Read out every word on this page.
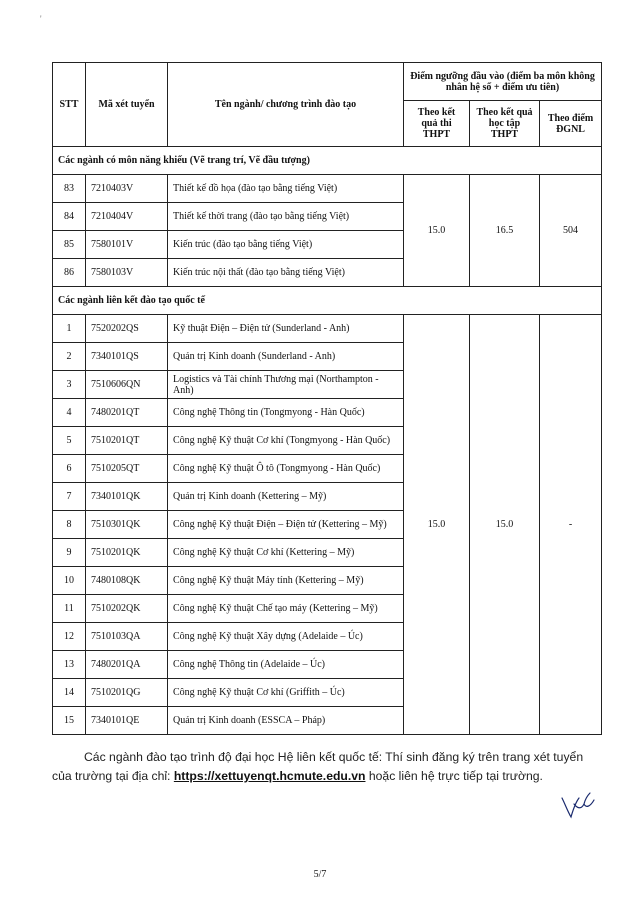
'
STT	Mã xét tuyển	Tên ngành/ chương trình đào tạo	Điểm ngưỡng đầu vào (điểm ba môn không nhân hệ số + điểm ưu tiên)		
			Theo kết quả thi THPT	Theo kết quả học tập THPT	Theo điểm ĐGNL
Các ngành có môn năng khiếu (Vẽ trang trí, Vẽ đầu tượng)					
83	7210403V	Thiết kế đồ họa (đào tạo bằng tiếng Việt)	15.0	16.5	504
84	7210404V	Thiết kế thời trang (đào tạo bằng tiếng Việt)			
85	7580101V	Kiến trúc (đào tạo bằng tiếng Việt)			
86	7580103V	Kiến trúc nội thất (đào tạo bằng tiếng Việt)			
Các ngành liên kết đào tạo quốc tế					
1	7520202QS	Kỹ thuật Điện – Điện tử (Sunderland - Anh)	15.0	15.0	-
2	7340101QS	Quản trị Kinh doanh (Sunderland - Anh)			
3	7510606QN	Logistics và Tài chính Thương mại (Northampton - Anh)			
4	7480201QT	Công nghệ Thông tin (Tongmyong - Hàn Quốc)			
5	7510201QT	Công nghệ Kỹ thuật Cơ khí (Tongmyong - Hàn Quốc)			
6	7510205QT	Công nghệ Kỹ thuật Ô tô (Tongmyong - Hàn Quốc)			
7	7340101QK	Quản trị Kinh doanh (Kettering – Mỹ)			
8	7510301QK	Công nghệ Kỹ thuật Điện – Điện tử (Kettering – Mỹ)			
9	7510201QK	Công nghệ Kỹ thuật Cơ khí (Kettering – Mỹ)			
10	7480108QK	Công nghệ Kỹ thuật Máy tính (Kettering – Mỹ)			
11	7510202QK	Công nghệ Kỹ thuật Chế tạo máy (Kettering – Mỹ)			
12	7510103QA	Công nghệ Kỹ thuật Xây dựng (Adelaide – Úc)			
13	7480201QA	Công nghệ Thông tin (Adelaide – Úc)			
14	7510201QG	Công nghệ Kỹ thuật Cơ khí (Griffith – Úc)			
15	7340101QE	Quản trị Kinh doanh (ESSCA – Pháp)			
Các ngành đào tạo trình độ đại học Hệ liên kết quốc tế: Thí sinh đăng ký trên trang xét tuyển của trường tại địa chỉ: https://xettuyenqt.hcmute.edu.vn hoặc liên hệ trực tiếp tại trường.
5/7
